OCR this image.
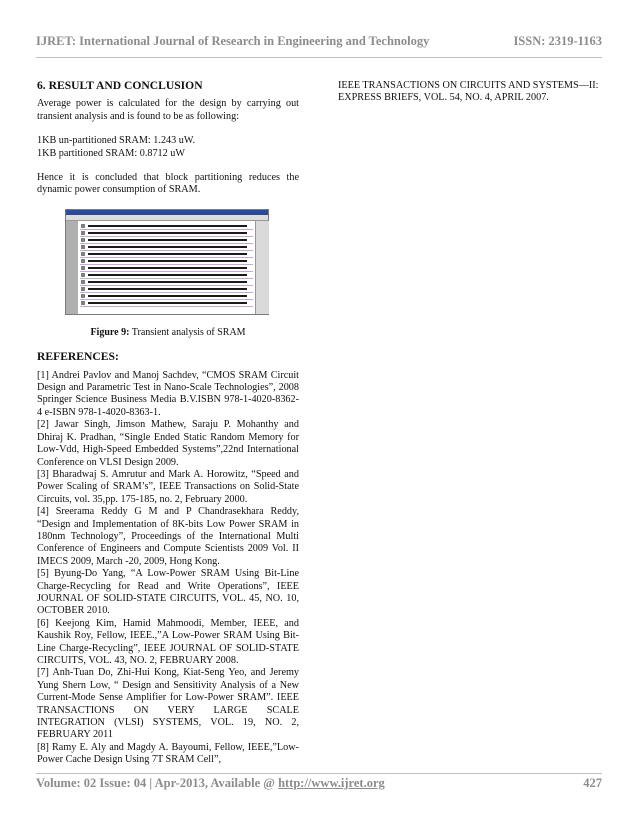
IJRET: International Journal of Research in Engineering and Technology	ISSN: 2319-1163
6. RESULT AND CONCLUSION

Average power is calculated for the design by carrying out transient analysis and is found to be as following:

1KB un-partitioned SRAM: 1.243 uW.
1KB partitioned SRAM: 0.8712 uW

Hence it is concluded that block partitioning reduces the dynamic power consumption of SRAM.

Figure 9: Transient analysis of SRAM
REFERENCES:

[1] Andrei Pavlov and Manoj Sachdev, “CMOS SRAM Circuit Design and Parametric Test in Nano-Scale Technologies”, 2008 Springer Science Business Media B.V.ISBN 978-1-4020-8362-4 e-ISBN 978-1-4020-8363-1.

[2] Jawar Singh, Jimson Mathew, Saraju P. Mohanthy and Dhiraj K. Pradhan, “Single Ended Static Random Memory for Low-Vdd, High-Speed Embedded Systems”,22nd International Conference on VLSI Design 2009.

[3] Bharadwaj S. Amrutur and Mark A. Horowitz, “Speed and Power Scaling of SRAM’s”, IEEE Transactions on Solid-State Circuits, vol. 35,pp. 175-185, no. 2, February 2000.

[4] Sreerama Reddy G M and P Chandrasekhara Reddy, “Design and Implementation of 8K-bits Low Power SRAM in 180nm Technology”, Proceedings of the International Multi Conference of Engineers and Compute Scientists 2009 Vol. II IMECS 2009, March -20, 2009, Hong Kong.

[5] Byung-Do Yang, “A Low-Power SRAM Using Bit-Line Charge-Recycling for Read and Write Operations”, IEEE JOURNAL OF SOLID-STATE CIRCUITS, VOL. 45, NO. 10, OCTOBER 2010.

[6] Keejong Kim, Hamid Mahmoodi, Member, IEEE, and Kaushik Roy, Fellow, IEEE.,”A Low-Power SRAM Using Bit-Line Charge-Recycling”, IEEE JOURNAL OF SOLID-STATE CIRCUITS, VOL. 43, NO. 2, FEBRUARY 2008.

[7] Anh-Tuan Do, Zhi-Hui Kong, Kiat-Seng Yeo, and Jeremy Yung Shern Low, “ Design and Sensitivity Analysis of a New Current-Mode Sense Amplifier for Low-Power SRAM”. IEEE TRANSACTIONS ON VERY LARGE SCALE INTEGRATION (VLSI) SYSTEMS, VOL. 19, NO. 2, FEBRUARY 2011

[8] Ramy E. Aly and Magdy A. Bayoumi, Fellow, IEEE,”Low-Power Cache Design Using 7T SRAM Cell”,

IEEE TRANSACTIONS ON CIRCUITS AND SYSTEMS—II: EXPRESS BRIEFS, VOL. 54, NO. 4, APRIL 2007.

Volume: 02 Issue: 04 | Apr-2013, Available @ http://www.ijret.org	427
